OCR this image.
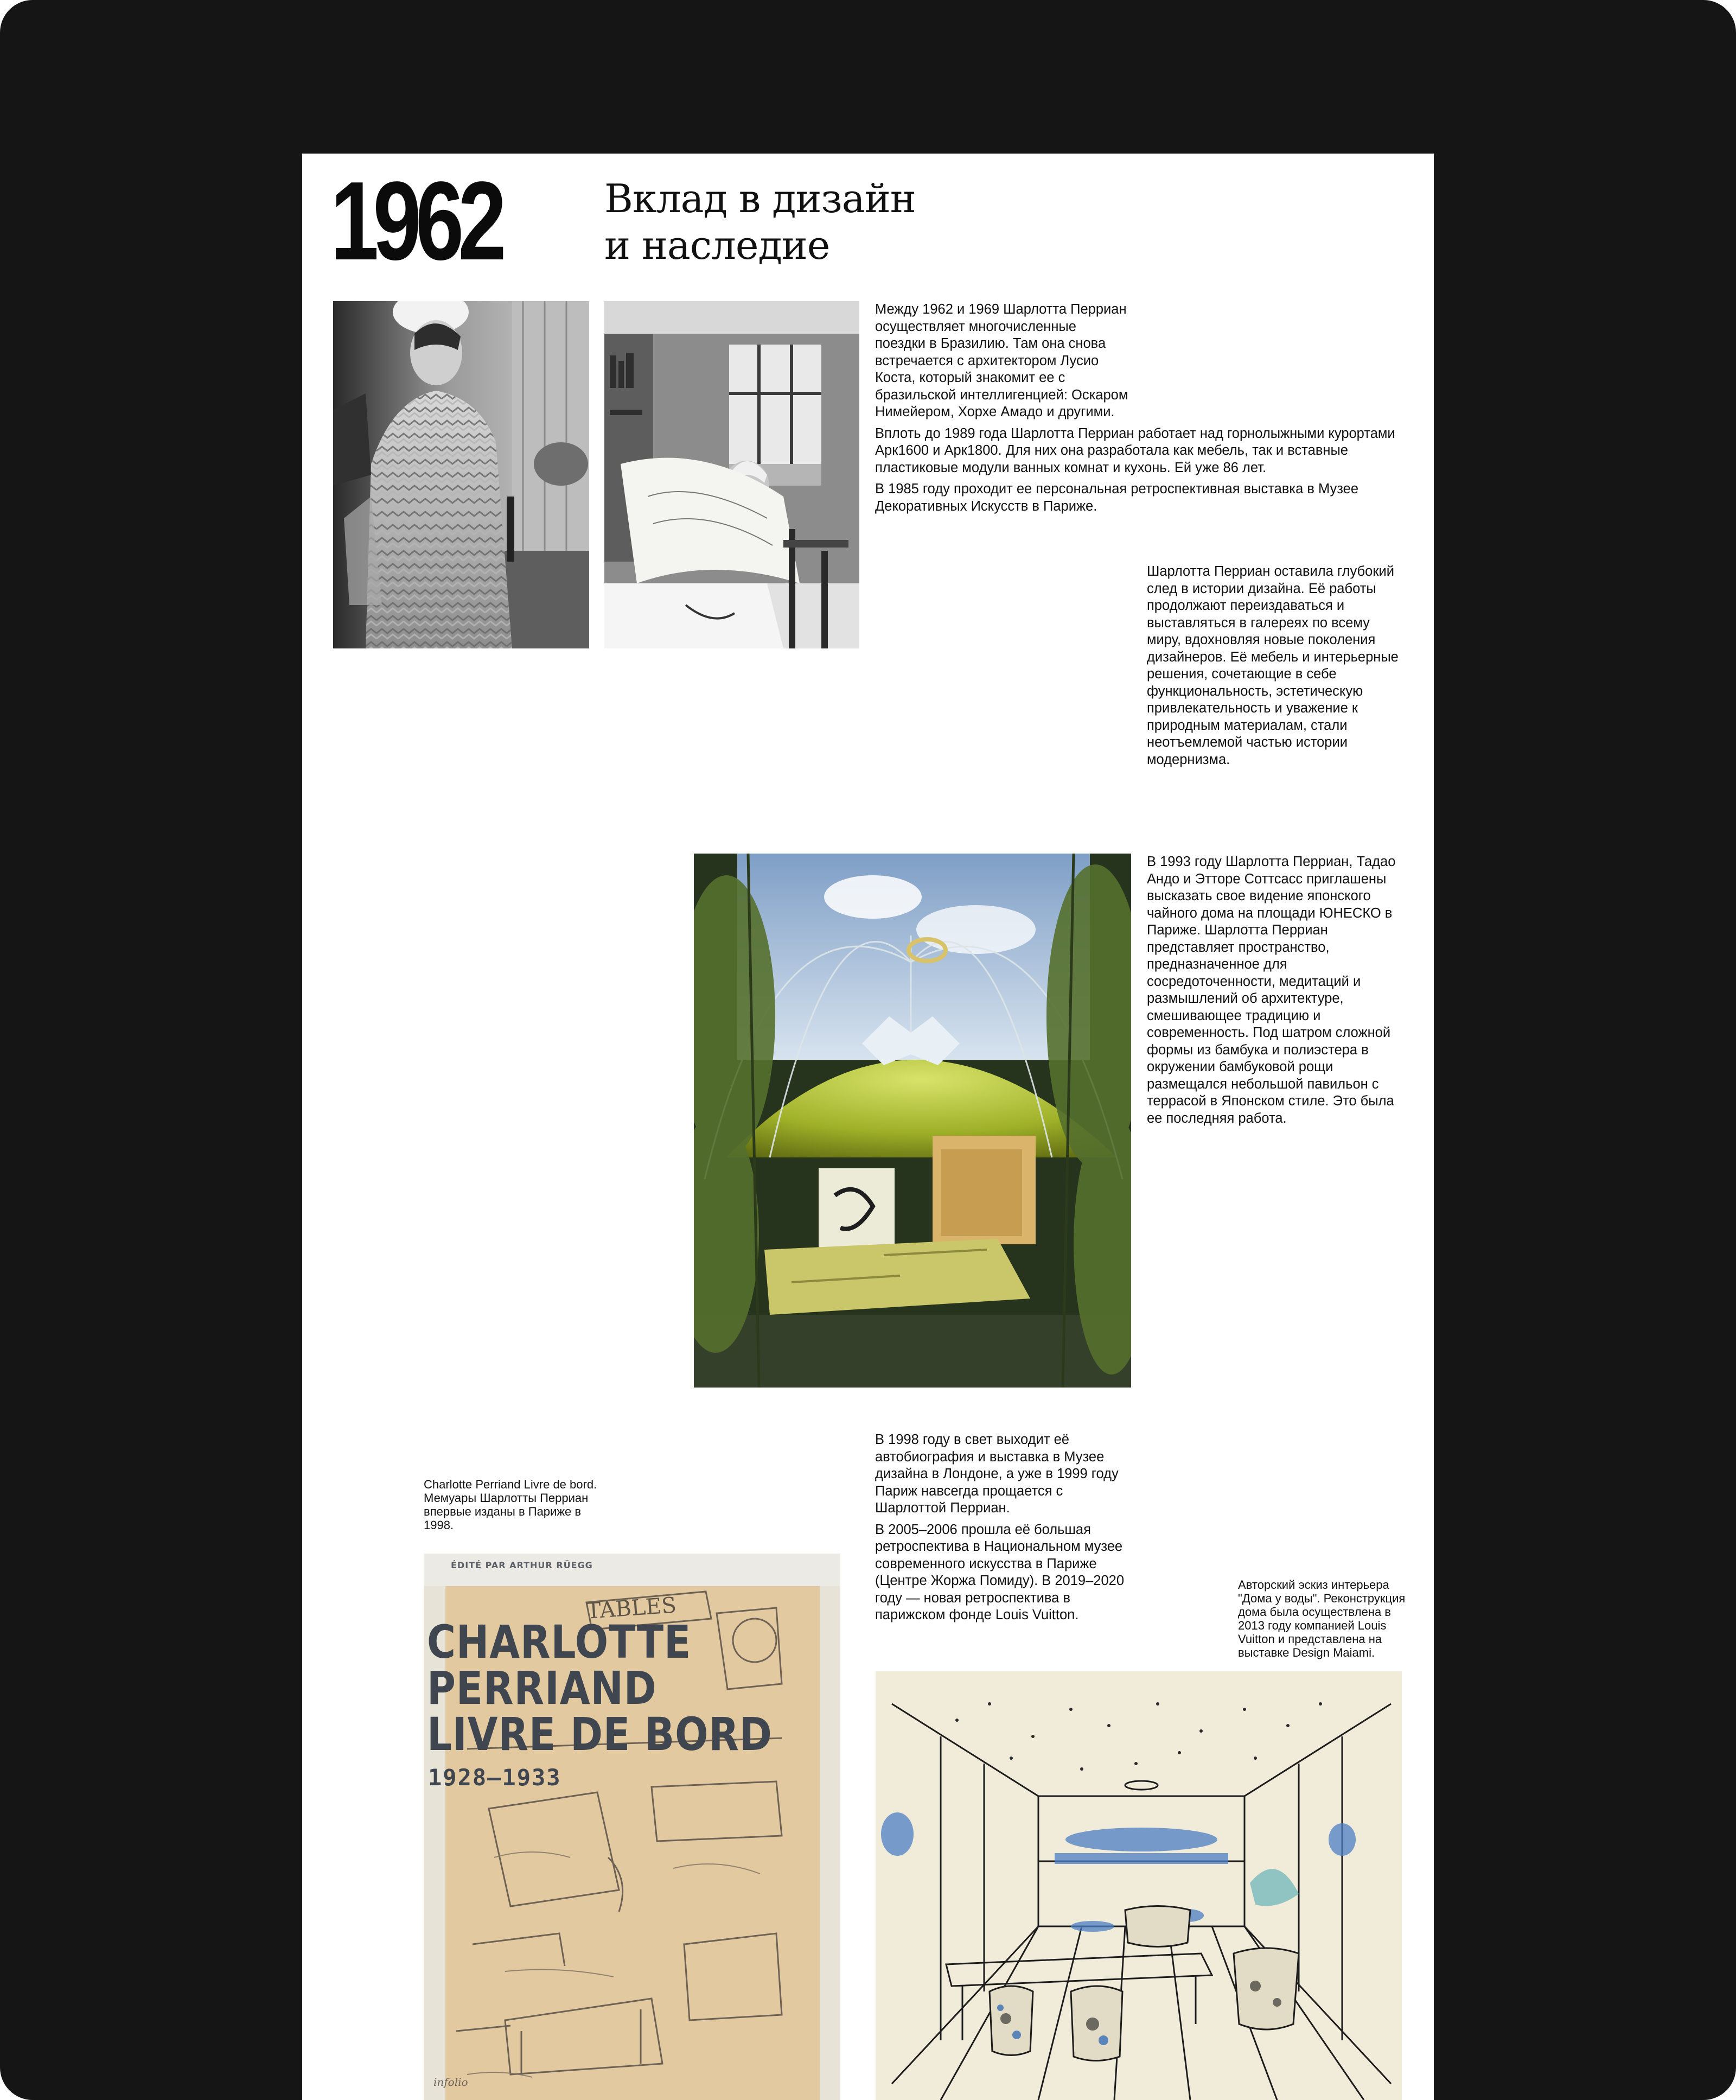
1962	Вклад в дизайн
и наследие

Между 1962 и 1969 Шарлотта Перриан осуществляет многочисленные поездки в Бразилию. Там она снова встречается с архитектором Лусио Коста, который знакомит ее с бразильской интеллигенцией: Оскаром Нимейером, Хорхе Амадо и другими.

Вплоть до 1989 года Шарлотта Перриан работает над горнолыжными курортами Арк1600 и Арк1800. Для них она разработала как мебель, так и вставные пластиковые модули ванных комнат и кухонь. Ей уже 86 лет.

В 1985 году проходит ее персональная ретроспективная выставка в Музее Декоративных Искусств в Париже.

Шарлотта Перриан оставила глубокий след в истории дизайна. Её работы продолжают переиздаваться и выставляться в галереях по всему миру, вдохновляя новые поколения дизайнеров. Её мебель и интерьерные решения, сочетающие в себе функциональность, эстетическую привлекательность и уважение к природным материалам, стали неотъемлемой частью истории модернизма.
В 1993 году Шарлотта Перриан, Тадао Андо и Этторе Соттсасс приглашены высказать свое видение японского чайного дома на площади ЮНЕСКО в Париже. Шарлотта Перриан представляет пространство, предназначенное для сосредоточенности, медитаций и размышлений об архитектуре, смешивающее традицию и современность. Под шатром сложной формы из бамбука и полиэстера в окружении бамбуковой рощи размещался небольшой павильон с террасой в Японском стиле. Это была ее последняя работа.

В 1998 году в свет выходит её автобиография и выставка в Музее дизайна в Лондоне, а уже в 1999 году Париж навсегда прощается с Шарлоттой Перриан.

В 2005–2006 прошла её большая ретроспектива в Национальном музее современного искусства в Париже (Центре Жоржа Помиду). В 2019–2020 году — новая ретроспектива в парижском фонде Louis Vuitton.

Charlotte Perriand Livre de bord. Мемуары Шарлотты Перриан впервые изданы в Париже в 1998.
Авторский эскиз интерьера "Дома у воды". Реконструкция дома была осуществлена в 2013 году компанией Louis Vuitton и представлена на выставке Design Maiami.
ÉDITÉ PAR ARTHUR RÜEGG
TABLES
CHARLOTTE
PERRIAND
LIVRE DE BORD
1928–1933
infolio
